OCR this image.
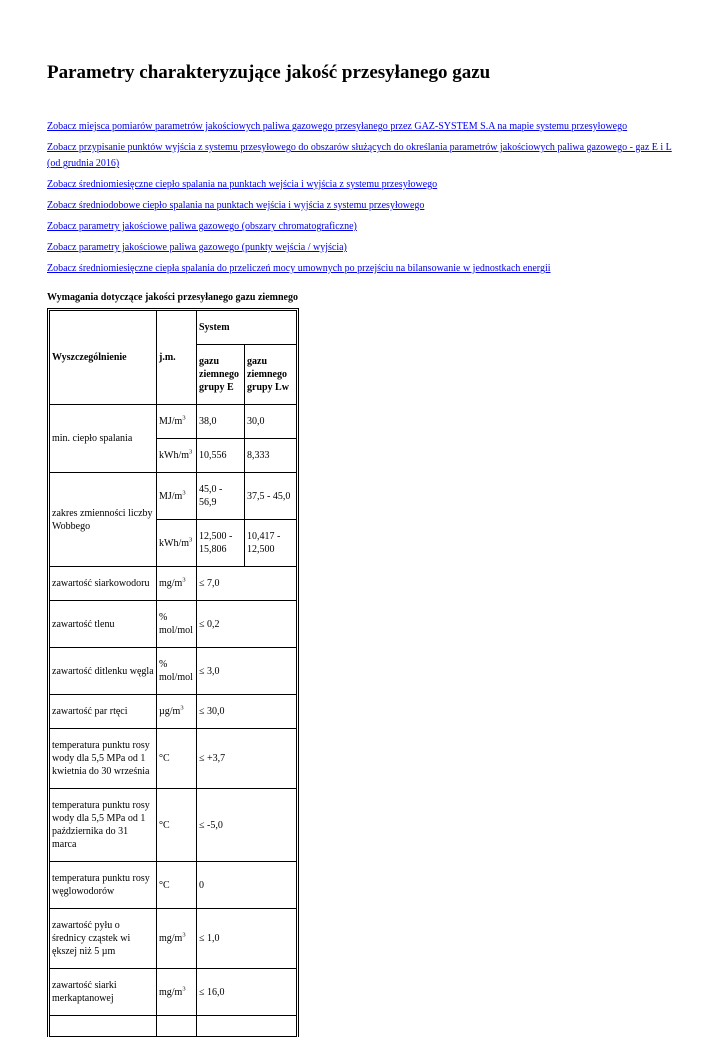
Parametry charakteryzujące jakość przesyłanego gazu

Zobacz miejsca pomiarów parametrów jakościowych paliwa gazowego przesyłanego przez GAZ-SYSTEM S.A na mapie systemu przesyłowego

Zobacz przypisanie punktów wyjścia z systemu przesyłowego do obszarów służących do określania parametrów jakościowych paliwa gazowego - gaz E i L (od grudnia 2016)

Zobacz średniomiesięczne ciepło spalania na punktach wejścia i wyjścia z systemu przesyłowego

Zobacz średniodobowe ciepło spalania na punktach wejścia i wyjścia z systemu przesyłowego

Zobacz parametry jakościowe paliwa gazowego (obszary chromatograficzne)

Zobacz parametry jakościowe paliwa gazowego (punkty wejścia / wyjścia)

Zobacz średniomiesięczne ciepła spalania do przeliczeń mocy umownych po przejściu na bilansowanie w jednostkach energii

Wymagania dotyczące jakości przesyłanego gazu ziemnego

Wyszczególnienie	j.m.	System	
		gazu ziemnego grupy E	gazu ziemnego grupy Lw
min. ciepło spalania	$MJ/m^3$	38,0	30,0
	kWh/$m^3$	10,556	8,333
zakres zmienności liczby Wobbego	$MJ/m^3$	45,0 - 56,9	37,5 - 45,0
	kWh/$m^3$	12,500 - 15,806	10,417 - 12,500
zawartość siarkowodoru	$mg/m^3$	≤ 7,0	
zawartość tlenu	% mol/mol	≤ 0,2	
zawartość ditlenku węgla	% mol/mol	≤ 3,0	
zawartość par rtęci	$\mu g/m^3$	≤ 30,0	
temperatura punktu rosy wody dla 5,5 MPa od 1 kwietnia do 30 września	°C	≤ +3,7	
temperatura punktu rosy wody dla 5,5 MPa od 1 października do 31 marca	°C	≤ -5,0	
temperatura punktu rosy węglowodorów	°C	0	
zawartość pyłu o średnicy cząstek wi ększej niż 5 µm	$mg/m^3$	≤ 1,0	
zawartość siarki merkaptanowej	$mg/m^3$	≤ 16,0	
